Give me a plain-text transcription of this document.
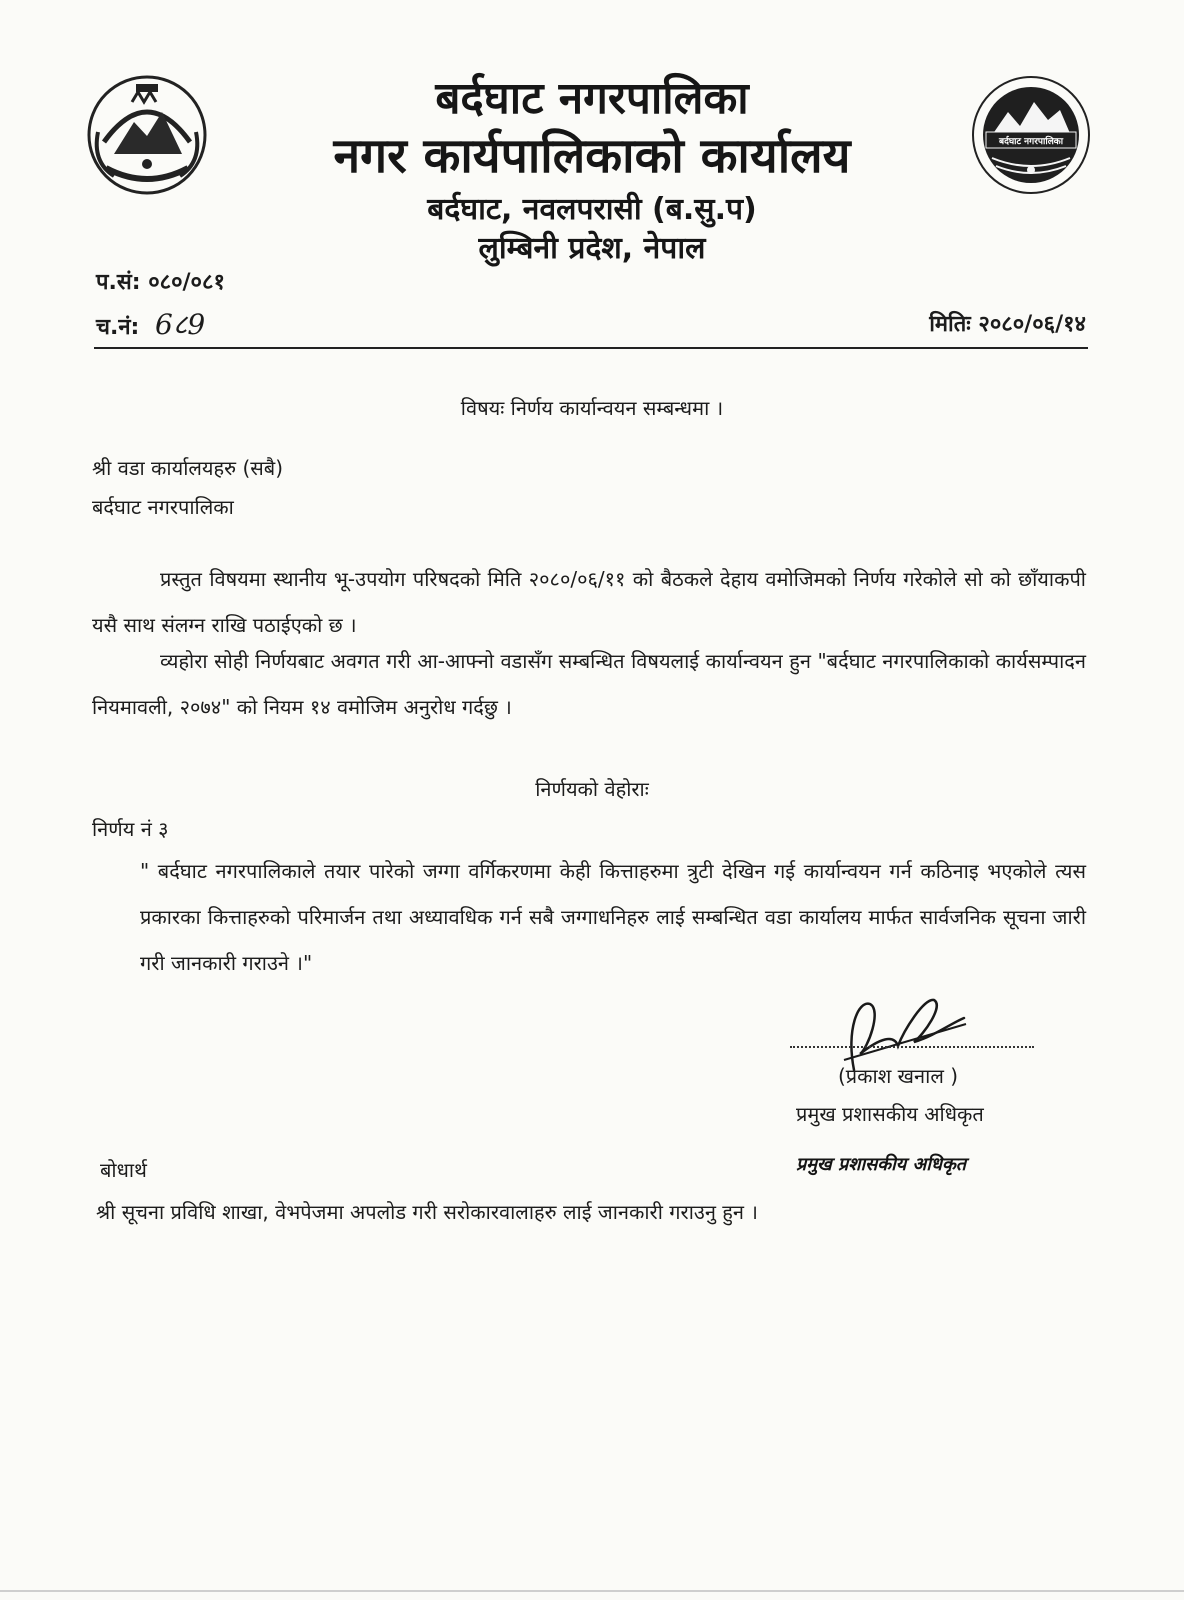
बर्दघाट नगरपालिका
बर्दघाट नगरपालिका
नगर कार्यपालिकाको कार्यालय
बर्दघाट, नवलपरासी (ब.सु.प)
लुम्बिनी प्रदेश, नेपाल
प.सं: ०८०/०८१
च.नं: 6८9	मितिः २०८०/०६/१४
विषयः निर्णय कार्यान्वयन सम्बन्धमा ।
श्री वडा कार्यालयहरु (सबै)
बर्दघाट नगरपालिका
प्रस्तुत विषयमा स्थानीय भू-उपयोग परिषदको मिति २०८०/०६/११ को बैठकले देहाय वमोजिमको निर्णय गरेकोले सो को छाँयाकपी यसै साथ संलग्न राखि पठाईएको छ ।
व्यहोरा सोही निर्णयबाट अवगत गरी आ-आफ्नो वडासँग सम्बन्धित विषयलाई कार्यान्वयन हुन "बर्दघाट नगरपालिकाको कार्यसम्पादन नियमावली, २०७४" को नियम १४ वमोजिम अनुरोध गर्दछु ।
निर्णयको वेहोराः
निर्णय नं ३
" बर्दघाट नगरपालिकाले तयार पारेको जग्गा वर्गिकरणमा केही कित्ताहरुमा त्रुटी देखिन गई कार्यान्वयन गर्न कठिनाइ भएकोले त्यस प्रकारका कित्ताहरुको परिमार्जन तथा अध्यावधिक गर्न सबै जग्गाधनिहरु लाई सम्बन्धित वडा कार्यालय मार्फत सार्वजनिक सूचना जारी गरी जानकारी गराउने ।"
(प्रकाश खनाल )
प्रमुख प्रशासकीय अधिकृत
प्रमुख प्रशासकीय अधिकृत
बोधार्थ
श्री सूचना प्रविधि शाखा, वेभपेजमा अपलोड गरी सरोकारवालाहरु लाई जानकारी गराउनु हुन ।
